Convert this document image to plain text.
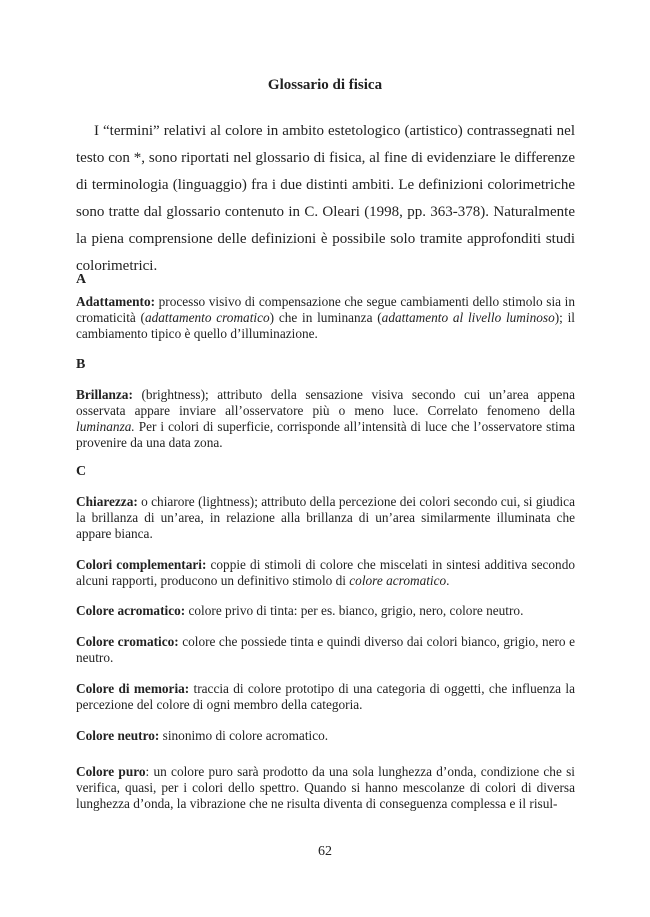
Glossario di fisica
I “termini” relativi al colore in ambito estetologico (artistico) contrassegnati nel testo con *, sono riportati nel glossario di fisica, al fine di evidenziare le differenze di terminologia (linguaggio) fra i due distinti ambiti. Le definizioni colorimetriche sono tratte dal glossario contenuto in C. Oleari (1998, pp. 363-378). Naturalmente la piena comprensione delle definizioni è possibile solo tramite approfonditi studi colorimetrici.
A
Adattamento: processo visivo di compensazione che segue cambiamenti dello stimolo sia in cromaticità (adattamento cromatico) che in luminanza (adattamento al livello luminoso); il cambiamento tipico è quello d’illuminazione.
B
Brillanza: (brightness); attributo della sensazione visiva secondo cui un’area appena osservata appare inviare all’osservatore più o meno luce. Correlato fenomeno della luminanza. Per i colori di superficie, corrisponde all’intensità di luce che l’osservatore stima provenire da una data zona.
C
Chiarezza: o chiarore (lightness); attributo della percezione dei colori secondo cui, si giudica la brillanza di un’area, in relazione alla brillanza di un’area similarmente illuminata che appare bianca.
Colori complementari: coppie di stimoli di colore che miscelati in sintesi additiva secondo alcuni rapporti, producono un definitivo stimolo di colore acromatico.
Colore acromatico: colore privo di tinta: per es. bianco, grigio, nero, colore neutro.
Colore cromatico: colore che possiede tinta e quindi diverso dai colori bianco, grigio, nero e neutro.
Colore di memoria: traccia di colore prototipo di una categoria di oggetti, che influenza la percezione del colore di ogni membro della categoria.
Colore neutro: sinonimo di colore acromatico.
Colore puro: un colore puro sarà prodotto da una sola lunghezza d’onda, condizione che si verifica, quasi, per i colori dello spettro. Quando si hanno mescolanze di colori di diversa lunghezza d’onda, la vibrazione che ne risulta diventa di conseguenza complessa e il risul-
62
